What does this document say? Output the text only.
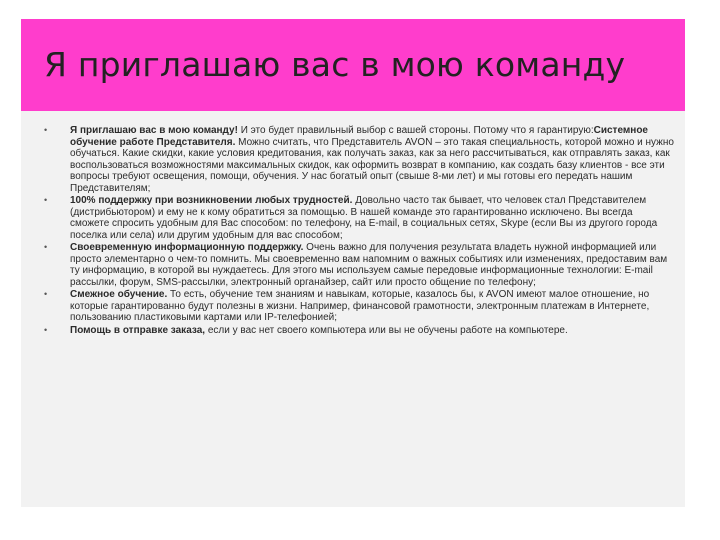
Я приглашаю вас в мою команду
• Я приглашаю вас в мою команду! И это будет правильный выбор с вашей стороны. Потому что я гарантирую:Системное обучение работе Представителя. Можно считать, что Представитель AVON – это такая специальность, которой можно и нужно обучаться. Какие скидки, какие условия кредитования, как получать заказ, как за него рассчитываться, как отправлять заказ, как воспользоваться возможностями максимальных скидок, как оформить возврат в компанию, как создать базу клиентов - все эти вопросы требуют освещения, помощи, обучения. У нас богатый опыт (свыше 8-ми лет) и мы готовы его передать нашим Представителям;
• 100% поддержку при возникновении любых трудностей. Довольно часто так бывает, что человек стал Представителем (дистрибьютором) и ему не к кому обратиться за помощью. В нашей команде это гарантированно исключено. Вы всегда сможете спросить удобным для Вас способом: по телефону, на E-mail, в социальных сетях, Skype (если Вы из другого города поселка или села) или другим удобным для вас способом;
• Своевременную информационную поддержку. Очень важно для получения результата владеть нужной информацией или просто элементарно о чем-то помнить. Мы своевременно вам напомним о важных событиях или изменениях, предоставим вам ту информацию, в которой вы нуждаетесь. Для этого мы используем самые передовые информационные технологии: E-mail рассылки, форум, SMS-рассылки, электронный органайзер, сайт или просто общение по телефону;
• Смежное обучение. То есть, обучение тем знаниям и навыкам, которые, казалось бы, к AVON имеют малое отношение, но которые гарантированно будут полезны в жизни. Например, финансовой грамотности, электронным платежам в Интернете, пользованию пластиковыми картами или IP-телефонией;
• Помощь в отправке заказа, если у вас нет своего компьютера или вы не обучены работе на компьютере.
